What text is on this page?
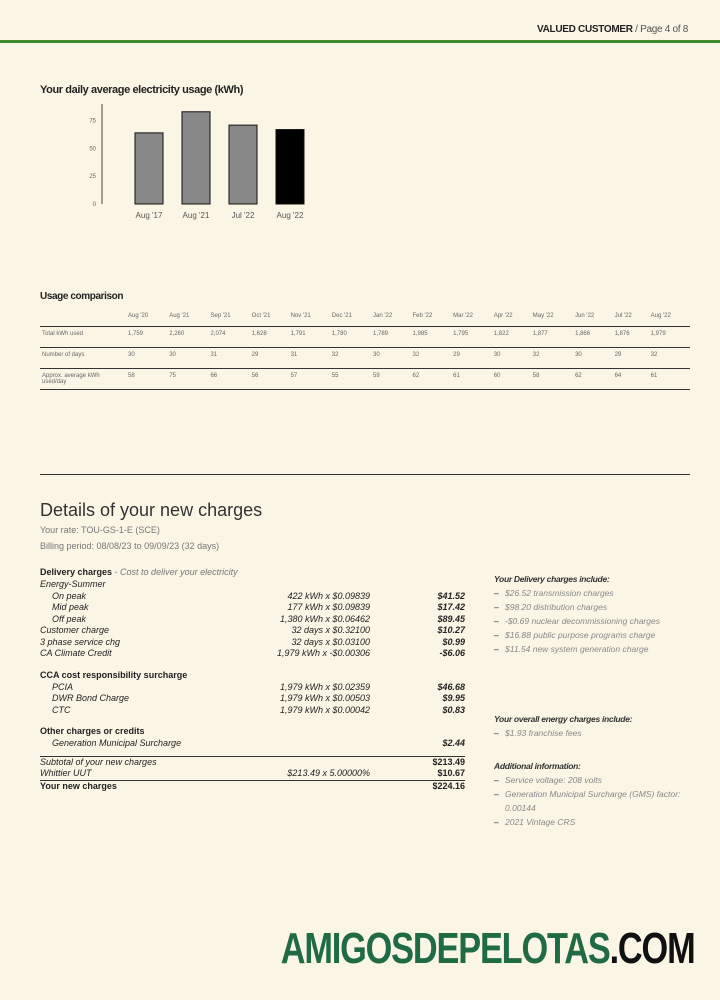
VALUED CUSTOMER / Page 4 of 8
Your daily average electricity usage (kWh)
0
25
50
75
Aug '17	Aug '21	Jul '22	Aug '22
Usage comparison
	Aug '20	Aug '21	Sep '21	Oct '21	Nov '21	Dec '21	Jan '22	Feb '22	Mar '22	Apr '22	May '22	Jun '22	Jul '22	Aug '22
Total kWh used	1,759	2,260	2,074	1,628	1,791	1,780	1,789	1,985	1,795	1,822	1,877	1,866	1,876	1,979
Number of days	30	30	31	29	31	32	30	32	29	30	32	30	29	32
Approx. average kWh used/day	58	75	66	56	57	55	59	62	61	60	58	62	64	61
Details of your new charges
Your rate: TOU-GS-1-E (SCE)
Billing period: 08/08/23 to 09/09/23 (32 days)
Delivery charges - Cost to deliver your electricity
Energy-Summer
On peak	422 kWh x $0.09839	$41.52
Mid peak	177 kWh x $0.09839	$17.42
Off peak	1,380 kWh x $0.06462	$89.45
Customer charge	32 days x $0.32100	$10.27
3 phase service chg	32 days x $0.03100	$0.99
CA Climate Credit	1,979 kWh x -$0.00306	-$6.06
CCA cost responsibility surcharge
PCIA	1,979 kWh x $0.02359	$46.68
DWR Bond Charge	1,979 kWh x $0.00503	$9.95
CTC	1,979 kWh x $0.00042	$0.83
Other charges or credits
Generation Municipal Surcharge	$2.44
Subtotal of your new charges	$213.49
Whittier UUT	$213.49 x 5.00000%	$10.67
Your new charges	$224.16
Your Delivery charges include:
– $26.52 transmission charges
– $98.20 distribution charges
– -$0.69 nuclear decommissioning charges
– $16.88 public purpose programs charge
– $11.54 new system generation charge
Your overall energy charges include:
– $1.93 franchise fees
Additional information:
– Service voltage: 208 volts
– Generation Municipal Surcharge (GMS) factor: 0.00144
– 2021 Vintage CRS
AMIGOSDEPELOTAS.COM
